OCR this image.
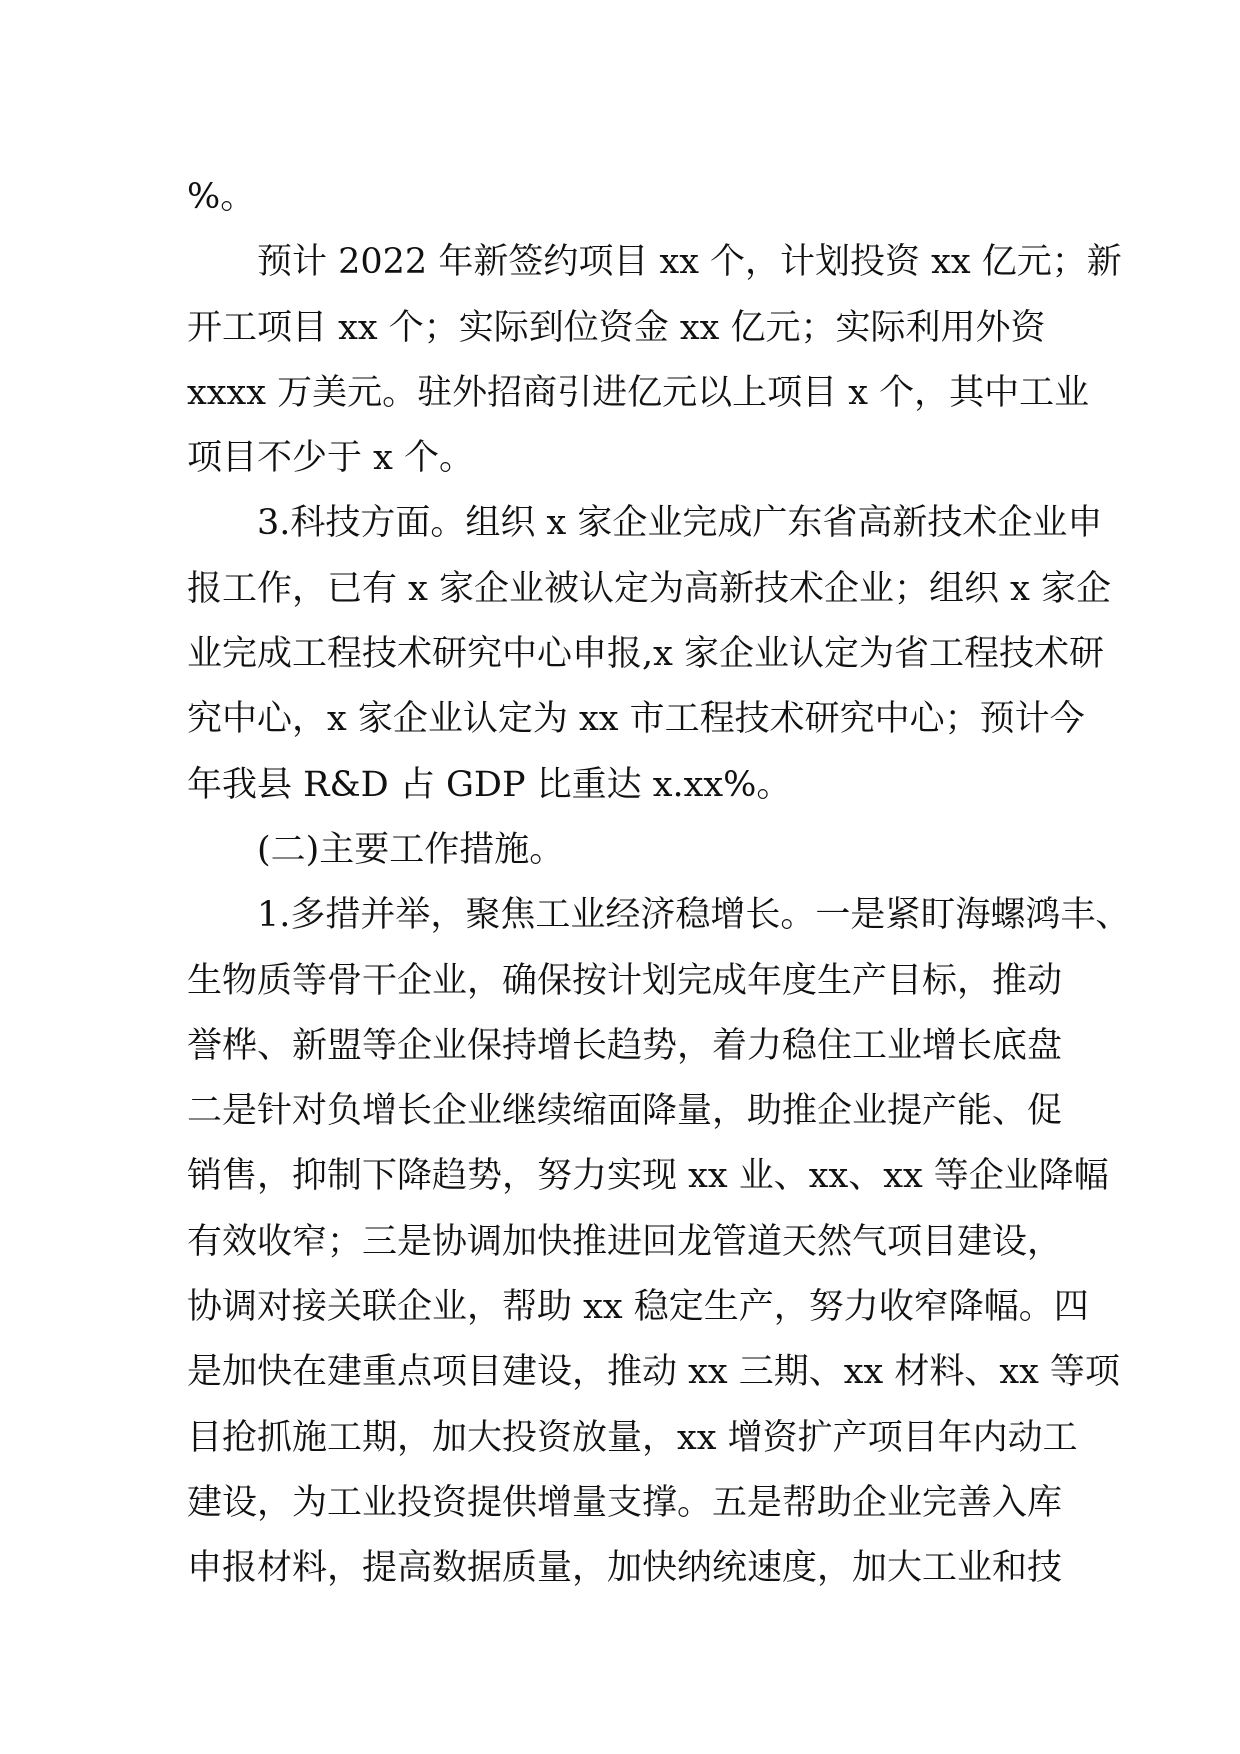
%。
预计 2022 年新签约项目 xx 个，计划投资 xx 亿元；新
开工项目 xx 个；实际到位资金 xx 亿元；实际利用外资
xxxx 万美元。驻外招商引进亿元以上项目 x 个，其中工业
项目不少于 x 个。
3.科技方面。组织 x 家企业完成广东省高新技术企业申
报工作，已有 x 家企业被认定为高新技术企业；组织 x 家企
业完成工程技术研究中心申报,x 家企业认定为省工程技术研
究中心，x 家企业认定为 xx 市工程技术研究中心；预计今
年我县 R&D 占 GDP 比重达 x.xx%。
(二)主要工作措施。
1.多措并举，聚焦工业经济稳增长。一是紧盯海螺鸿丰、
生物质等骨干企业，确保按计划完成年度生产目标，推动
誉桦、新盟等企业保持增长趋势，着力稳住工业增长底盘
二是针对负增长企业继续缩面降量，助推企业提产能、促
销售，抑制下降趋势，努力实现 xx 业、xx、xx 等企业降幅
有效收窄；三是协调加快推进回龙管道天然气项目建设，
协调对接关联企业，帮助 xx 稳定生产，努力收窄降幅。四
是加快在建重点项目建设，推动 xx 三期、xx 材料、xx 等项
目抢抓施工期，加大投资放量，xx 增资扩产项目年内动工
建设，为工业投资提供增量支撑。五是帮助企业完善入库
申报材料，提高数据质量，加快纳统速度，加大工业和技
